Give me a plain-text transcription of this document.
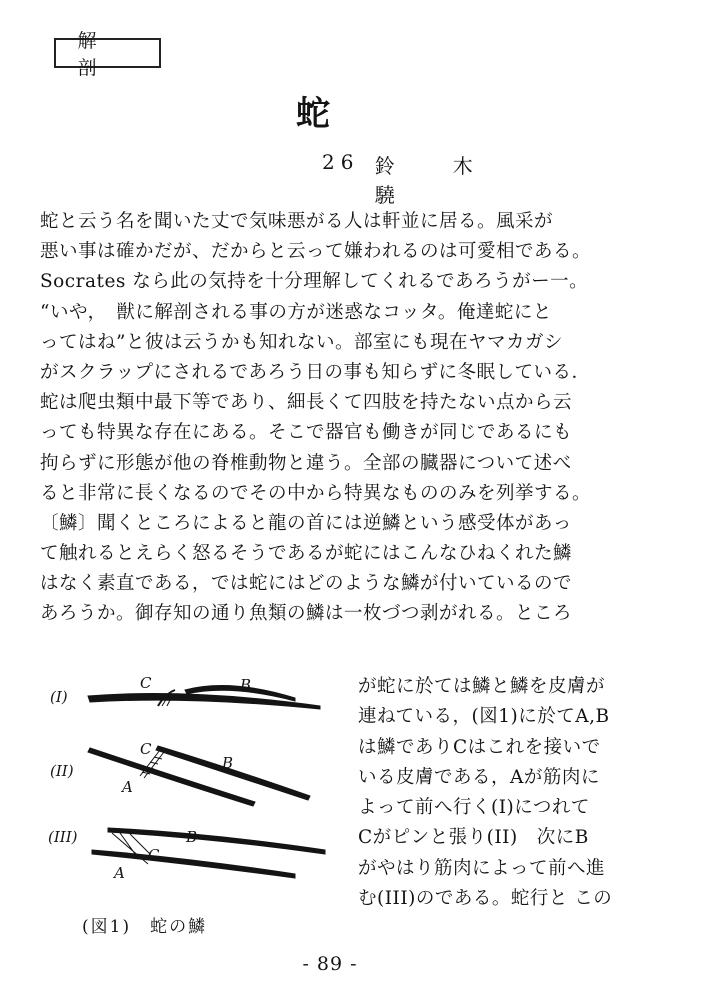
解　剖
蛇
26 鈴木　　驍
蛇と云う名を聞いた丈で気味悪がる人は軒並に居る。風采が
悪い事は確かだが、だからと云って嫌われるのは可愛相である。
Socrates なら此の気持を十分理解してくれるであろうがー一。
“いや，　獣に解剖される事の方が迷惑なコッタ。俺達蛇にと
ってはね”と彼は云うかも知れない。部室にも現在ヤマカガシ
がスクラップにされるであろう日の事も知らずに冬眠している．
蛇は爬虫類中最下等であり、細長くて四肢を持たない点から云
っても特異な存在にある。そこで器官も働きが同じであるにも
拘らずに形態が他の脊椎動物と違う。全部の臓器について述べ
ると非常に長くなるのでその中から特異なもののみを列挙する。
〔鱗〕聞くところによると龍の首には逆鱗という感受体があっ
て触れるとえらく怒るそうであるが蛇にはこんなひねくれた鱗
はなく素直である，では蛇にはどのような鱗が付いているので
あろうか。御存知の通り魚類の鱗は一枚づつ剥がれる。ところ
(I)
(II)
(III)
C	B
C
B
A
B
C
A
(図1)　蛇の鱗
が蛇に於ては鱗と鱗を皮膚が
連ねている，(図1)に於てA,B
は鱗でありCはこれを接いで
いる皮膚である，Aが筋肉に
よって前へ行く(I)につれて
Cがピンと張り(II)　次にB
がやはり筋肉によって前へ進
む(III)のである。蛇行と この
- 89 -
